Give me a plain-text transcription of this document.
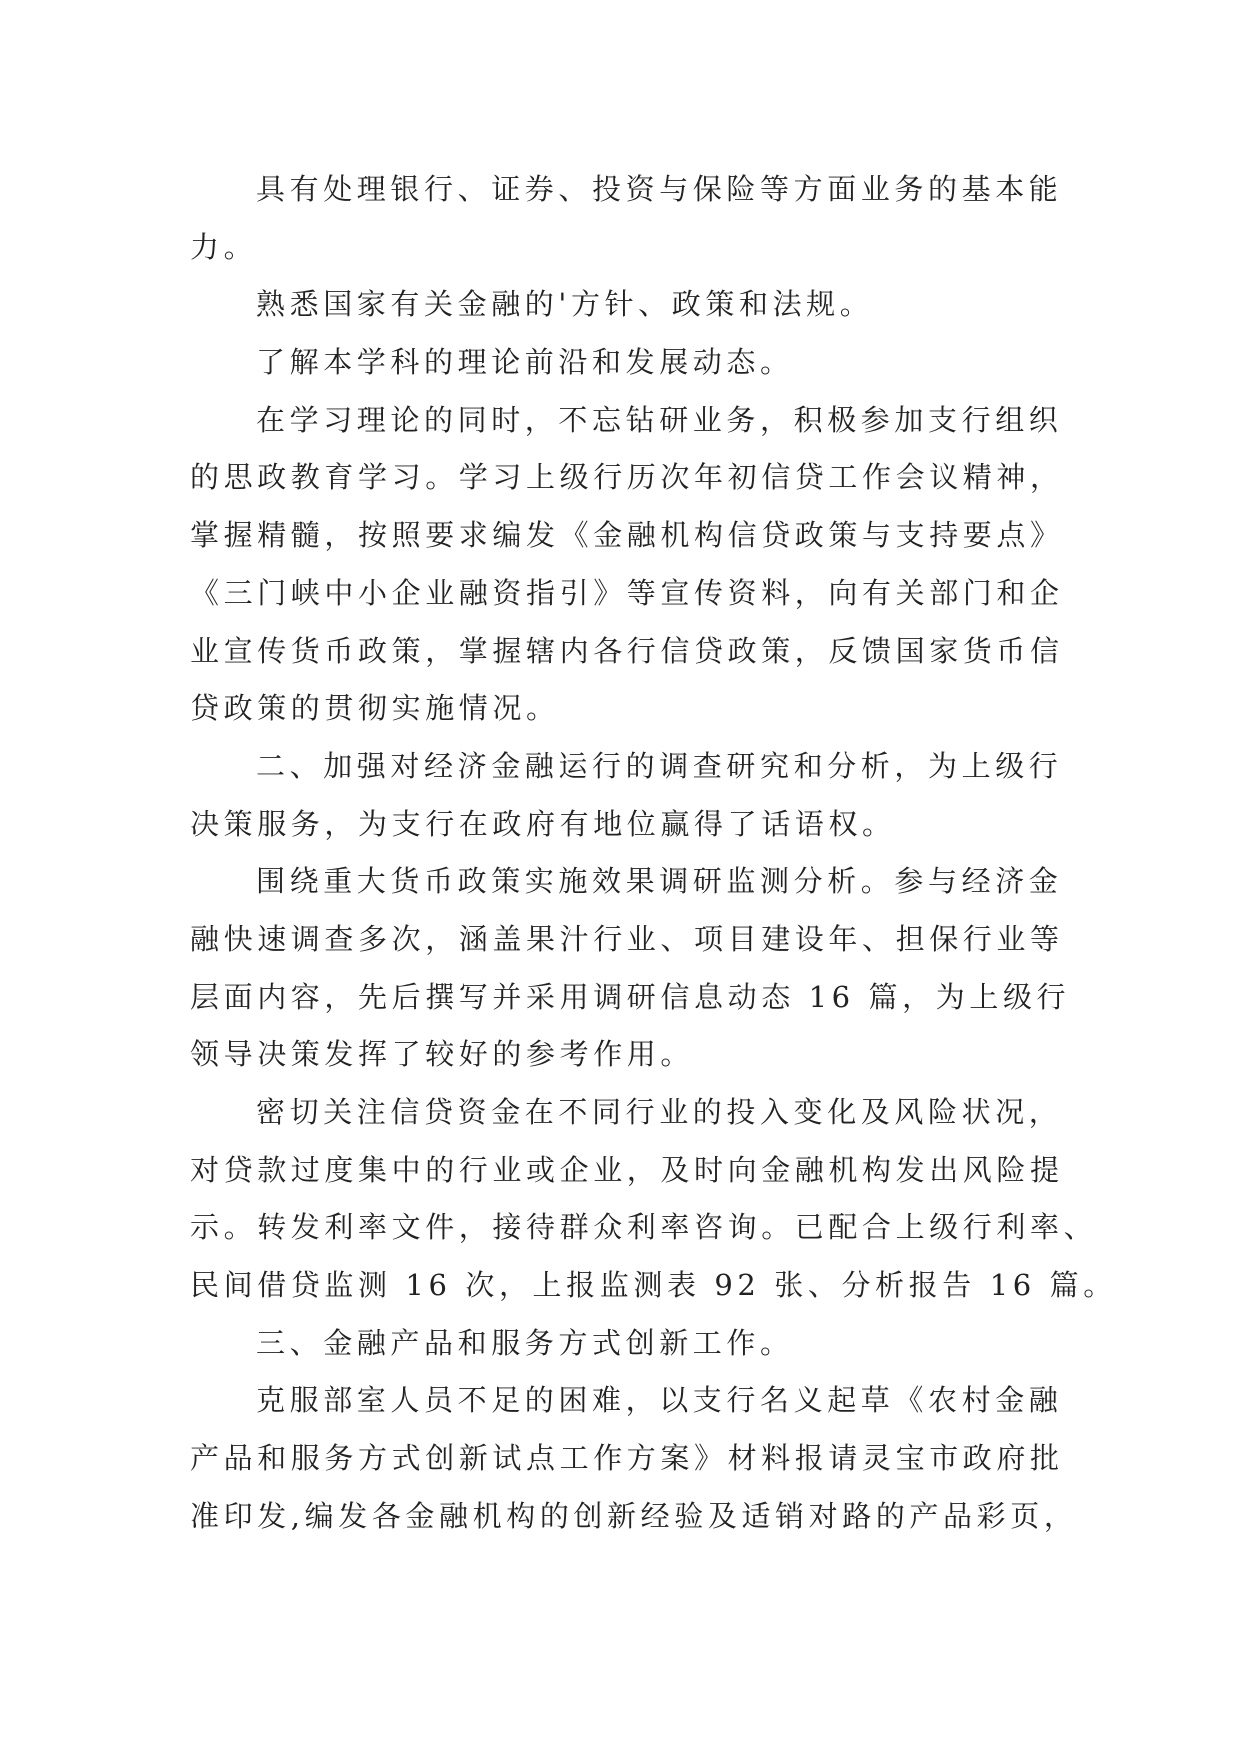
具有处理银行、证券、投资与保险等方面业务的基本能
力。

熟悉国家有关金融的'方针、政策和法规。

了解本学科的理论前沿和发展动态。

在学习理论的同时，不忘钻研业务，积极参加支行组织
的思政教育学习。学习上级行历次年初信贷工作会议精神，
掌握精髓，按照要求编发《金融机构信贷政策与支持要点》
《三门峡中小企业融资指引》等宣传资料，向有关部门和企
业宣传货币政策，掌握辖内各行信贷政策，反馈国家货币信
贷政策的贯彻实施情况。

二、加强对经济金融运行的调查研究和分析，为上级行
决策服务，为支行在政府有地位赢得了话语权。

围绕重大货币政策实施效果调研监测分析。参与经济金
融快速调查多次，涵盖果汁行业、项目建设年、担保行业等
层面内容，先后撰写并采用调研信息动态 16 篇，为上级行
领导决策发挥了较好的参考作用。

密切关注信贷资金在不同行业的投入变化及风险状况，
对贷款过度集中的行业或企业，及时向金融机构发出风险提
示。转发利率文件，接待群众利率咨询。已配合上级行利率、
民间借贷监测 16 次，上报监测表 92 张、分析报告 16 篇。

三、金融产品和服务方式创新工作。

克服部室人员不足的困难，以支行名义起草《农村金融
产品和服务方式创新试点工作方案》材料报请灵宝市政府批
准印发,编发各金融机构的创新经验及适销对路的产品彩页，
